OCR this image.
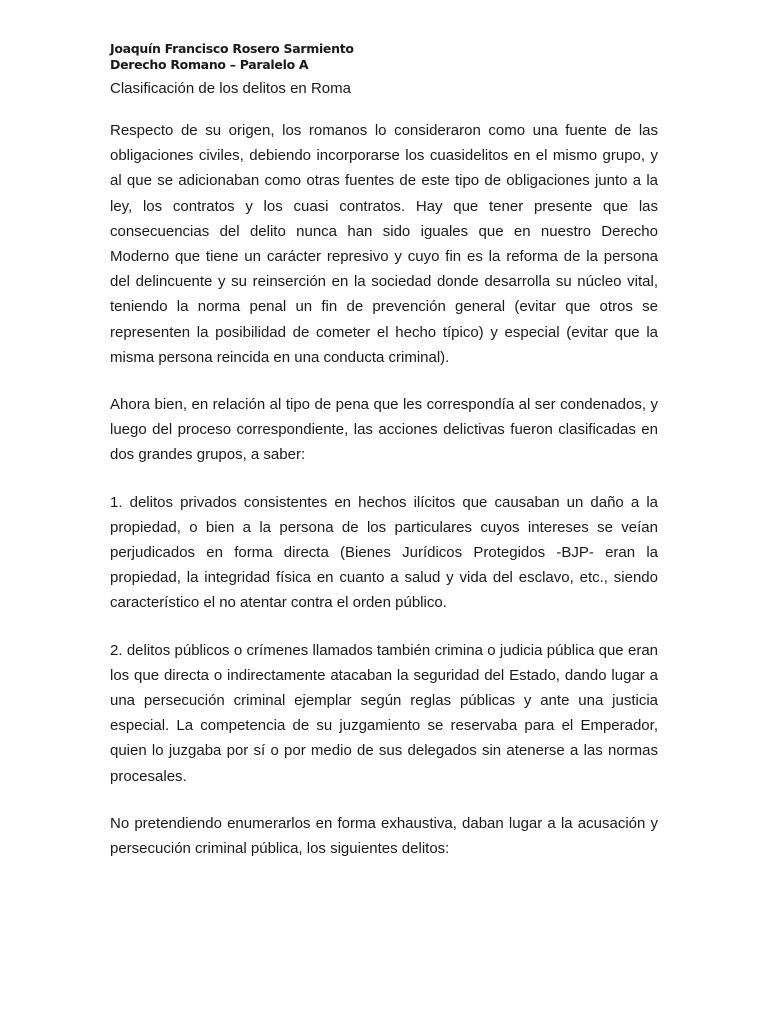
Joaquín Francisco Rosero Sarmiento

Derecho Romano – Paralelo A

Clasificación de los delitos en Roma

Respecto de su origen, los romanos lo consideraron como una fuente de las obligaciones civiles, debiendo incorporarse los cuasidelitos en el mismo grupo, y al que se adicionaban como otras fuentes de este tipo de obligaciones junto a la ley, los contratos y los cuasi contratos. Hay que tener presente que las consecuencias del delito nunca han sido iguales que en nuestro Derecho Moderno que tiene un carácter represivo y cuyo fin es la reforma de la persona del delincuente y su reinserción en la sociedad donde desarrolla su núcleo vital, teniendo la norma penal un fin de prevención general (evitar que otros se representen la posibilidad de cometer el hecho típico) y especial (evitar que la misma persona reincida en una conducta criminal).

Ahora bien, en relación al tipo de pena que les correspondía al ser condenados, y luego del proceso correspondiente, las acciones delictivas fueron clasificadas en dos grandes grupos, a saber:

1. delitos privados consistentes en hechos ilícitos que causaban un daño a la propiedad, o bien a la persona de los particulares cuyos intereses se veían perjudicados en forma directa (Bienes Jurídicos Protegidos -BJP- eran la propiedad, la integridad física en cuanto a salud y vida del esclavo, etc., siendo característico el no atentar contra el orden público.

2. delitos públicos o crímenes llamados también crimina o judicia pública que eran los que directa o indirectamente atacaban la seguridad del Estado, dando lugar a una persecución criminal ejemplar según reglas públicas y ante una justicia especial. La competencia de su juzgamiento se reservaba para el Emperador, quien lo juzgaba por sí o por medio de sus delegados sin atenerse a las normas procesales.

No pretendiendo enumerarlos en forma exhaustiva, daban lugar a la acusación y persecución criminal pública, los siguientes delitos:
